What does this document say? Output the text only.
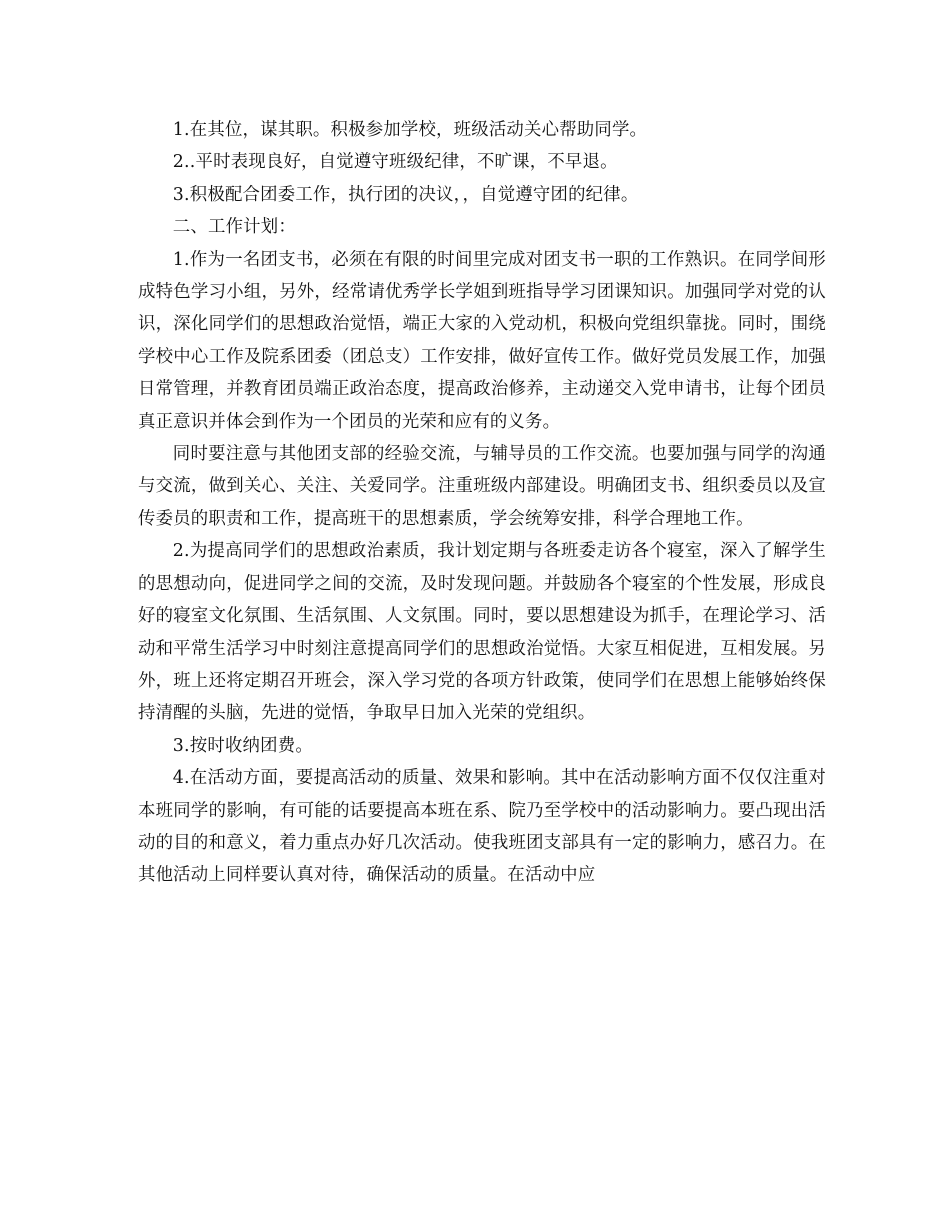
1.在其位，谋其职。积极参加学校，班级活动关心帮助同学。

2..平时表现良好，自觉遵守班级纪律，不旷课，不早退。

3.积极配合团委工作，执行团的决议，，自觉遵守团的纪律。

二、工作计划：

1.作为一名团支书，必须在有限的时间里完成对团支书一职的工作熟识。在同学间形成特色学习小组，另外，经常请优秀学长学姐到班指导学习团课知识。加强同学对党的认识，深化同学们的思想政治觉悟，端正大家的入党动机，积极向党组织靠拢。同时，围绕学校中心工作及院系团委（团总支）工作安排，做好宣传工作。做好党员发展工作，加强日常管理，并教育团员端正政治态度，提高政治修养，主动递交入党申请书，让每个团员真正意识并体会到作为一个团员的光荣和应有的义务。

同时要注意与其他团支部的经验交流，与辅导员的工作交流。也要加强与同学的沟通与交流，做到关心、关注、关爱同学。注重班级内部建设。明确团支书、组织委员以及宣传委员的职责和工作，提高班干的思想素质，学会统筹安排，科学合理地工作。

2.为提高同学们的思想政治素质，我计划定期与各班委走访各个寝室，深入了解学生的思想动向，促进同学之间的交流，及时发现问题。并鼓励各个寝室的个性发展，形成良好的寝室文化氛围、生活氛围、人文氛围。同时，要以思想建设为抓手，在理论学习、活动和平常生活学习中时刻注意提高同学们的思想政治觉悟。大家互相促进，互相发展。另外，班上还将定期召开班会，深入学习党的各项方针政策，使同学们在思想上能够始终保持清醒的头脑，先进的觉悟，争取早日加入光荣的党组织。

3.按时收纳团费。

4.在活动方面，要提高活动的质量、效果和影响。其中在活动影响方面不仅仅注重对本班同学的影响，有可能的话要提高本班在系、院乃至学校中的活动影响力。要凸现出活动的目的和意义，着力重点办好几次活动。使我班团支部具有一定的影响力，感召力。在其他活动上同样要认真对待，确保活动的质量。在活动中应
